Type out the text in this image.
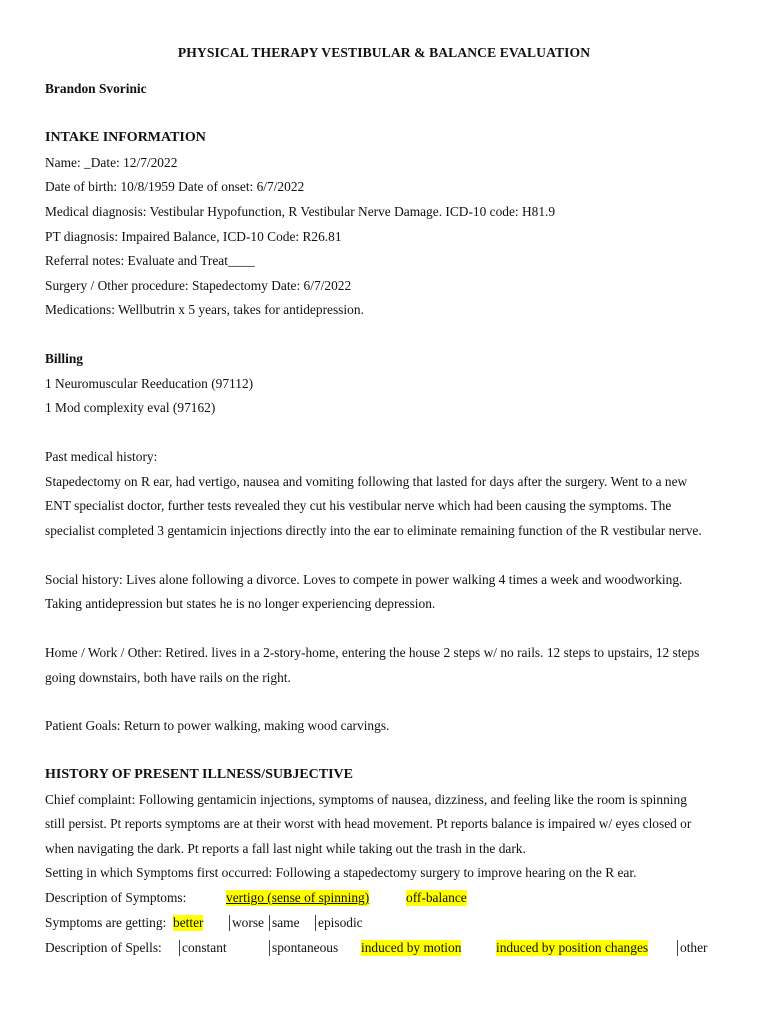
PHYSICAL THERAPY VESTIBULAR & BALANCE EVALUATION
Brandon Svorinic
INTAKE INFORMATION
Name: _Date: 12/7/2022
Date of birth: 10/8/1959 Date of onset: 6/7/2022
Medical diagnosis: Vestibular Hypofunction, R Vestibular Nerve Damage. ICD-10 code: H81.9
PT diagnosis: Impaired Balance, ICD-10 Code: R26.81
Referral notes: Evaluate and Treat____
Surgery / Other procedure: Stapedectomy Date: 6/7/2022
Medications: Wellbutrin x 5 years, takes for antidepression.
Billing
1 Neuromuscular Reeducation (97112)
1 Mod complexity eval (97162)
Past medical history:
Stapedectomy on R ear, had vertigo, nausea and vomiting following that lasted for days after the surgery. Went to a new
ENT specialist doctor, further tests revealed they cut his vestibular nerve which had been causing the symptoms. The
specialist completed 3 gentamicin injections directly into the ear to eliminate remaining function of the R vestibular nerve.
Social history: Lives alone following a divorce. Loves to compete in power walking 4 times a week and woodworking.
Taking antidepression but states he is no longer experiencing depression.
Home / Work / Other: Retired. lives in a 2-story-home, entering the house 2 steps w/ no rails. 12 steps to upstairs, 12 steps
going downstairs, both have rails on the right.
Patient Goals: Return to power walking, making wood carvings.
HISTORY OF PRESENT ILLNESS/SUBJECTIVE
Chief complaint: Following gentamicin injections, symptoms of nausea, dizziness, and feeling like the room is spinning
still persist. Pt reports symptoms are at their worst with head movement. Pt reports balance is impaired w/ eyes closed or
when navigating the dark. Pt reports a fall last night while taking out the trash in the dark.
Setting in which Symptoms first occurred: Following a stapedectomy surgery to improve hearing on the R ear.
Description of Symptoms:	vertigo (sense of spinning)	off-balance
Symptoms are getting: better worse same episodic
Description of Spells: constant	spontaneous induced by motion	induced by position changes other
